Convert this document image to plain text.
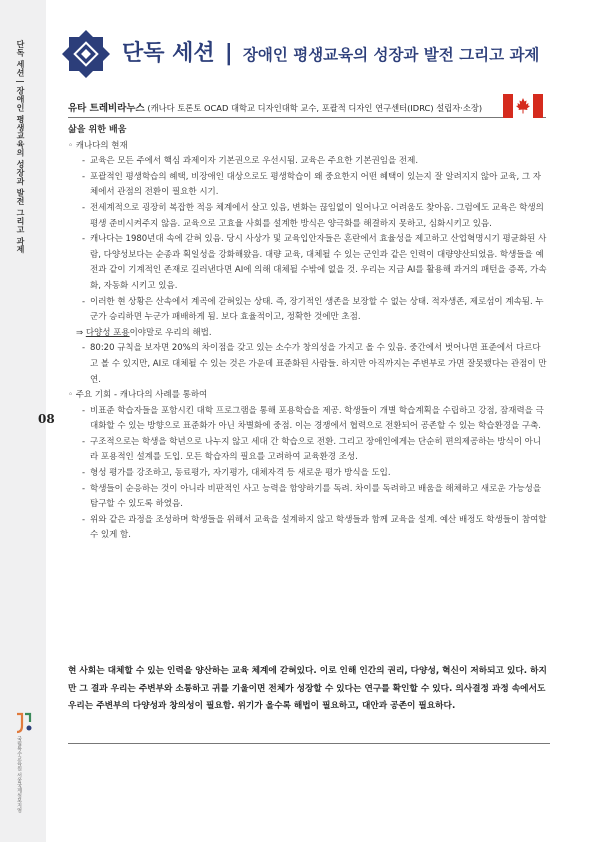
단독 세션 | 장애인 평생교육의 성장과 발전 그리고 과제
08
국립특수교육원 서울국제심포지엄
단독 세션 | 장애인 평생교육의 성장과 발전 그리고 과제
유타 트레비라누스 (캐나다 토론토 OCAD 대학교 디자인대학 교수, 포괄적 디자인 연구센터(IDRC) 설립자·소장)
삶을 위한 배움
◦ 캐나다의 현재
- 교육은 모든 주에서 핵심 과제이자 기본권으로 우선시됨. 교육은 주요한 기본권임을 전제.
- 포괄적인 평생학습의 혜택, 비장애인 대상으로도 평생학습이 왜 중요한지 어떤 혜택이 있는지 잘 알려지지 않아 교육, 그 자체에서 관점의 전환이 필요한 시기.
- 전세계적으로 굉장히 복잡한 적응 체계에서 살고 있음, 변화는 끊임없이 일어나고 어려움도 찾아옴. 그럼에도 교육은 학생의 평생 준비시켜주지 않음. 교육으로 고효율 사회를 설계한 방식은 양극화를 해결하지 못하고, 심화시키고 있음.
- 캐나다는 1980년대 속에 갇혀 있음. 당시 사상가 및 교육입안자들은 혼란에서 효율성을 제고하고 산업혁명시기 평균화된 사람, 다양성보다는 순종과 획일성을 강화해왔음. 대량 교육, 대체될 수 있는 군인과 같은 인력이 대량양산되었음. 학생들을 예전과 같이 기계적인 존재로 길러낸다면 AI에 의해 대체될 수밖에 없을 것. 우리는 지금 AI를 활용해 과거의 패턴을 증폭, 가속화, 자동화 시키고 있음.
- 이러한 현 상황은 산속에서 계곡에 갇혀있는 상태. 즉, 장기적인 생존을 보장할 수 없는 상태. 적자생존, 제로섬이 계속됨. 누군가 승리하면 누군가 패배하게 됨. 보다 효율적이고, 정확한 것에만 초점.
⇒ 다양성 포용이야말로 우리의 해법.
- 80:20 규칙을 보자면 20%의 차이점을 갖고 있는 소수가 창의성을 가지고 올 수 있음. 중간에서 벗어나면 표준에서 다르다고 볼 수 있지만, AI로 대체될 수 있는 것은 가운데 표준화된 사람들. 하지만 아직까지는 주변부로 가면 잘못됐다는 관점이 만연.
◦ 주요 기회 - 캐나다의 사례를 통하여
- 비표준 학습자들을 포함시킨 대학 프로그램을 통해 포용학습을 제공. 학생들이 개별 학습계획을 수립하고 강점, 잠재력을 극대화할 수 있는 방향으로 표준화가 아닌 차별화에 중점. 이는 경쟁에서 협력으로 전환되어 공존할 수 있는 학습환경을 구축.
- 구조적으로는 학생을 학년으로 나누지 않고 세대 간 학습으로 전환. 그리고 장애인에게는 단순히 편의제공하는 방식이 아니라 포용적인 설계를 도입. 모든 학습자의 필요를 고려하여 교육환경 조성.
- 형성 평가를 강조하고, 동료평가, 자기평가, 대체자격 등 새로운 평가 방식을 도입.
- 학생들이 순응하는 것이 아니라 비판적인 사고 능력을 함양하기를 독려. 차이를 독려하고 배움을 해체하고 새로운 가능성을 탐구할 수 있도록 하였음.
- 위와 같은 과정을 조성하며 학생들을 위해서 교육을 설계하지 않고 학생들과 함께 교육을 설계. 예산 배정도 학생들이 참여할 수 있게 함.
현 사회는 대체할 수 있는 인력을 양산하는 교육 체계에 갇혀있다. 이로 인해 인간의 권리, 다양성, 혁신이 저하되고 있다. 하지만 그 결과 우리는 주변부와 소통하고 귀를 기울이면 전체가 성장할 수 있다는 연구를 확인할 수 있다. 의사결정 과정 속에서도 우리는 주변부의 다양성과 창의성이 필요함. 위기가 올수록 해법이 필요하고, 대안과 공존이 필요하다.
